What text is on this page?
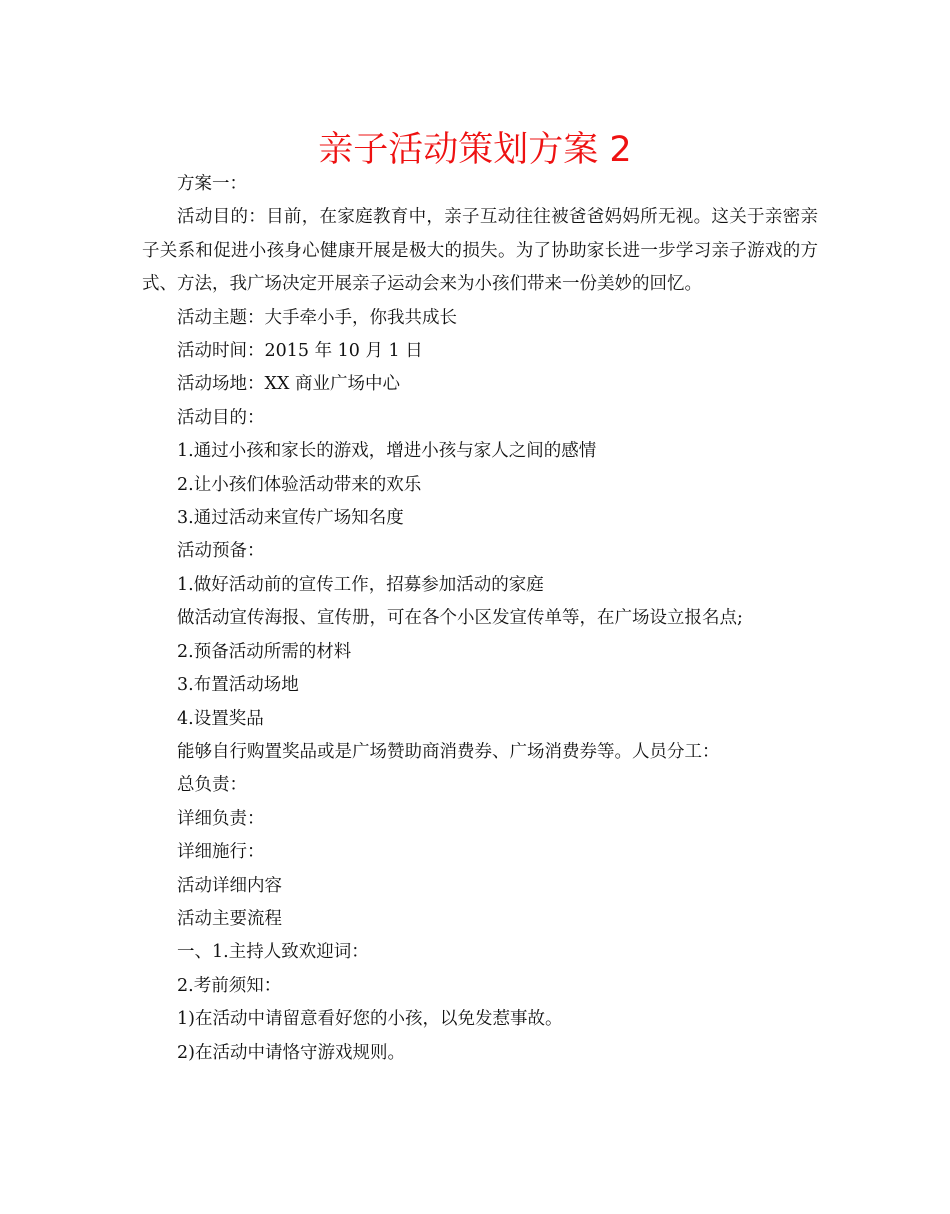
亲子活动策划方案 2

方案一：

活动目的：目前，在家庭教育中，亲子互动往往被爸爸妈妈所无视。这关于亲密亲子关系和促进小孩身心健康开展是极大的损失。为了协助家长进一步学习亲子游戏的方式、方法，我广场决定开展亲子运动会来为小孩们带来一份美妙的回忆。

活动主题：大手牵小手，你我共成长

活动时间：2015 年 10 月 1 日

活动场地：XX 商业广场中心

活动目的：

1.通过小孩和家长的游戏，增进小孩与家人之间的感情

2.让小孩们体验活动带来的欢乐

3.通过活动来宣传广场知名度

活动预备：

1.做好活动前的宣传工作，招募参加活动的家庭

做活动宣传海报、宣传册，可在各个小区发宣传单等，在广场设立报名点;

2.预备活动所需的材料

3.布置活动场地

4.设置奖品

能够自行购置奖品或是广场赞助商消费券、广场消费券等。人员分工：

总负责：

详细负责：

详细施行：

活动详细内容

活动主要流程

一、1.主持人致欢迎词：

2.考前须知：

1)在活动中请留意看好您的小孩，以免发惹事故。

2)在活动中请恪守游戏规则。
